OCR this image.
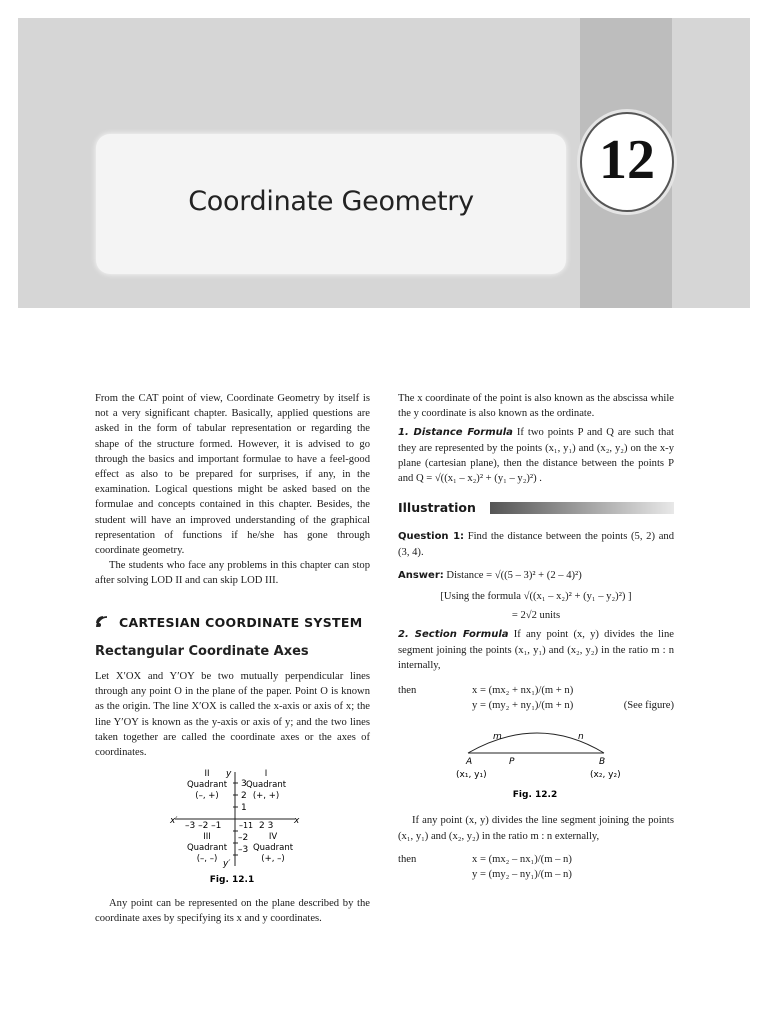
Coordinate Geometry
12

From the CAT point of view, Coordinate Geometry by itself is not a very significant chapter. Basically, applied questions are asked in the form of tabular representation or regarding the shape of the structure formed. However, it is advised to go through the basics and important formulae to have a feel-good effect as also to be prepared for surprises, if any, in the examination. Logical questions might be asked based on the formulae and concepts contained in this chapter. Besides, the student will have an improved understanding of the graphical representation of functions if he/she has gone through coordinate geometry.

The students who face any problems in this chapter can stop after solving LOD II and can skip LOD III.

CARTESIAN COORDINATE SYSTEM

Rectangular Coordinate Axes

Let X′OX and Y′OY be two mutually perpendicular lines through any point O in the plane of the paper. Point O is known as the origin. The line X′OX is called the x-axis or axis of x; the line Y′OY is known as the y-axis or axis of y; and the two lines taken together are called the coordinate axes or the axes of coordinates.

y
y′
x′	x
3
2
1
–1
–2
–3
–3 –2 –1	1 2 3
I
Quadrant
(+, +)
II
Quadrant
(–, +)
III
Quadrant
(–, –)
IV
Quadrant
(+, –)
Fig. 12.1

Any point can be represented on the plane described by the coordinate axes by specifying its x and y coordinates.

The x coordinate of the point is also known as the abscissa while the y coordinate is also known as the ordinate.

1. Distance Formula If two points P and Q are such that they are represented by the points (x₁, y₁) and (x₂, y₂) on the x-y plane (cartesian plane), then the distance between the points P and Q = √((x₁ – x₂)² + (y₁ – y₂)²) .

Illustration

Question 1: Find the distance between the points (5, 2) and (3, 4).

Answer: Distance = √((5 – 3)² + (2 – 4)²)

[Using the formula √((x₁ – x₂)² + (y₁ – y₂)²) ]

= 2√2 units

2. Section Formula If any point (x, y) divides the line segment joining the points (x₁, y₁) and (x₂, y₂) in the ratio m : n internally,

then	x = (mx₂ + nx₁)/(m + n)
y = (my₂ + ny₁)/(m + n)	(See figure)
m	n
A	P	B
(x₁, y₁)	(x₂, y₂)
Fig. 12.2

If any point (x, y) divides the line segment joining the points (x₁, y₁) and (x₂, y₂) in the ratio m : n externally,

then	x = (mx₂ – nx₁)/(m – n)
y = (my₂ – ny₁)/(m – n)
